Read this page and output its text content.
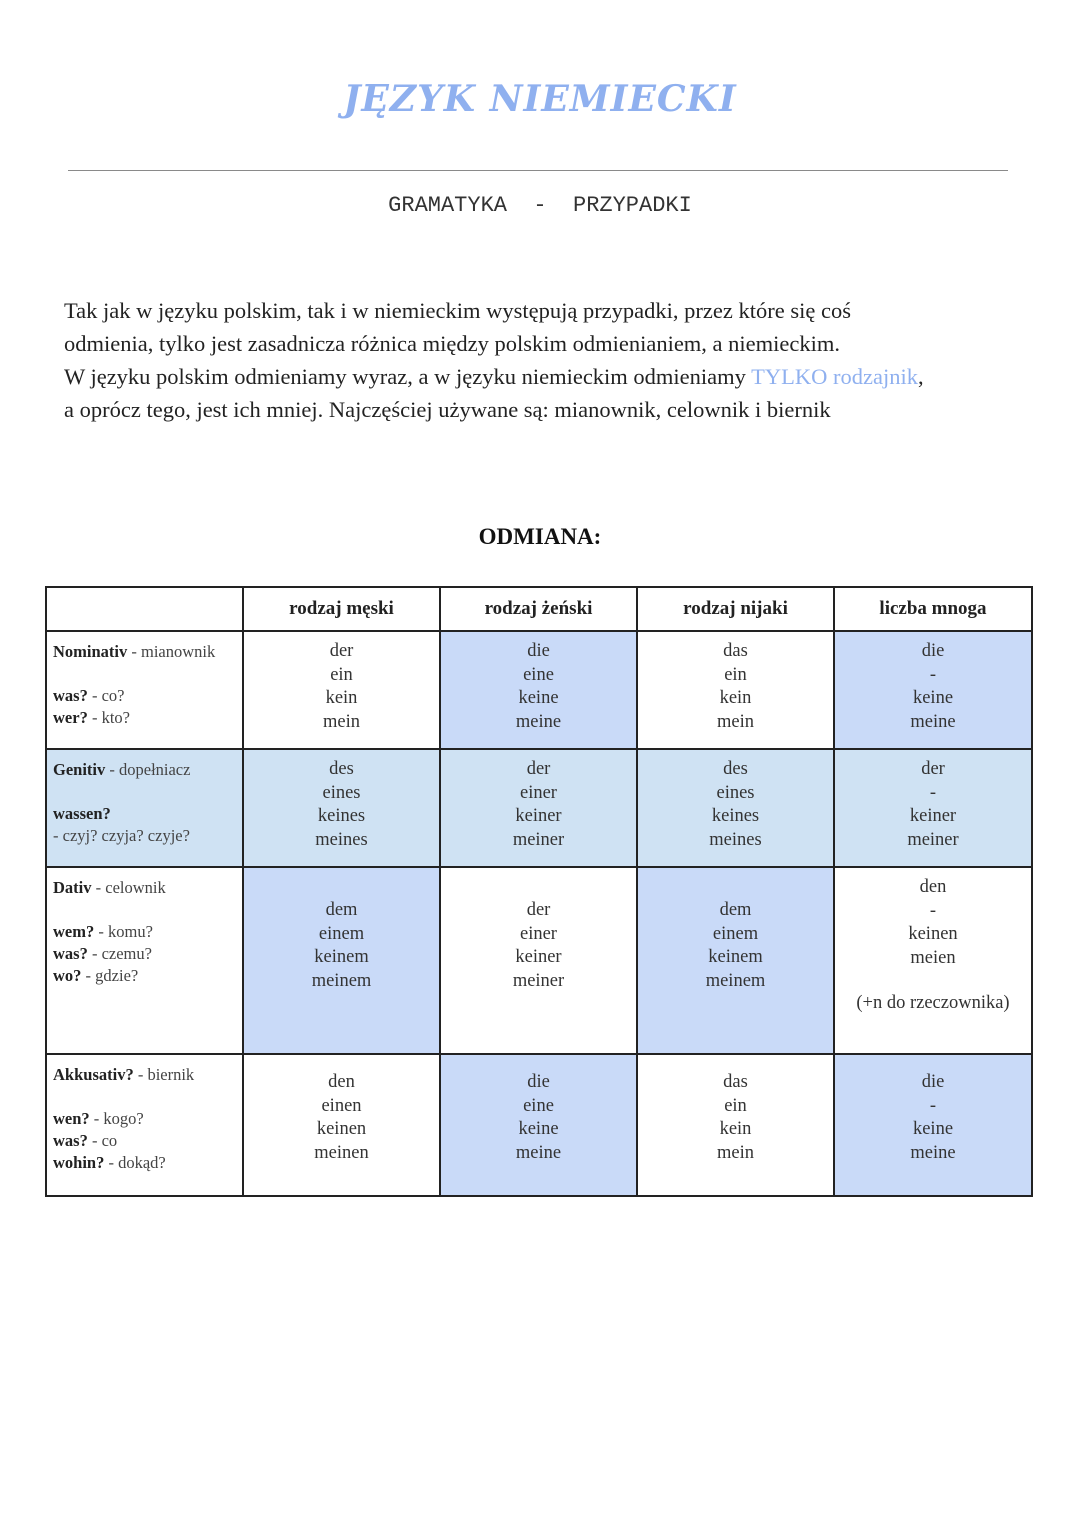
JĘZYK NIEMIECKI
GRAMATYKA  -  PRZYPADKI

Tak jak w języku polskim, tak i w niemieckim występują przypadki, przez które się coś
odmienia, tylko jest zasadnicza różnica między polskim odmienianiem, a niemieckim.
W języku polskim odmieniamy wyraz, a w języku niemieckim odmieniamy TYLKO rodzajnik,
a oprócz tego, jest ich mniej. Najczęściej używane są: mianownik, celownik i biernik

ODMIANA:
	rodzaj męski	rodzaj żeński	rodzaj nijaki	liczba mnoga

Nominativ - mianownik
was? - co?
wer? - kto?	der
ein
kein
mein	die
eine
keine
meine	das
ein
kein
mein	die
-
keine
meine

Genitiv - dopełniacz
wassen?
- czyj? czyja? czyje?	des
eines
keines
meines	der
einer
keiner
meiner	des
eines
keines
meines	der
-
keiner
meiner

Dativ - celownik
wem? - komu?
was? - czemu?
wo? - gdzie?	dem
einem
keinem
meinem	der
einer
keiner
meiner	dem
einem
keinem
meinem	den
-
keinen
meien
(+n do rzeczownika)

Akkusativ? - biernik
wen? - kogo?
was? - co
wohin? - dokąd?	den
einen
keinen
meinen	die
eine
keine
meine	das
ein
kein
mein	die
-
keine
meine
